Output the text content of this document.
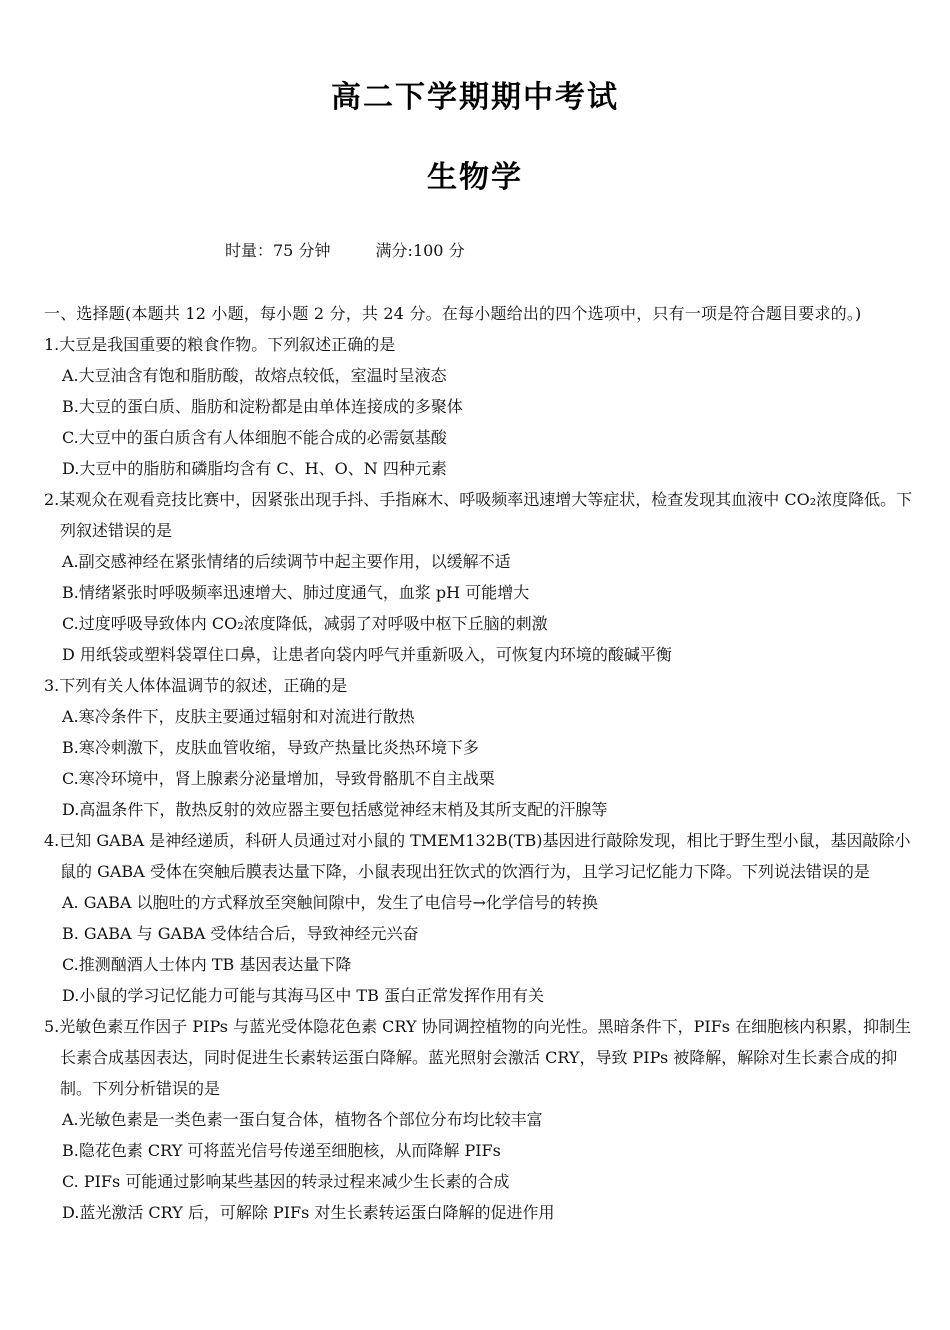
高二下学期期中考试
生物学
时量：75 分钟	满分:100 分
一、选择题(本题共 12 小题，每小题 2 分，共 24 分。在每小题给出的四个选项中，只有一项是符合题目要求的。)
1.大豆是我国重要的粮食作物。下列叙述正确的是
A.大豆油含有饱和脂肪酸，故熔点较低，室温时呈液态
B.大豆的蛋白质、脂肪和淀粉都是由单体连接成的多聚体
C.大豆中的蛋白质含有人体细胞不能合成的必需氨基酸
D.大豆中的脂肪和磷脂均含有 C、H、O、N 四种元素
2.某观众在观看竞技比赛中，因紧张出现手抖、手指麻木、呼吸频率迅速增大等症状，检查发现其血液中 CO₂浓度降低。下列叙述错误的是
A.副交感神经在紧张情绪的后续调节中起主要作用，以缓解不适
B.情绪紧张时呼吸频率迅速增大、肺过度通气，血浆 pH 可能增大
C.过度呼吸导致体内 CO₂浓度降低，减弱了对呼吸中枢下丘脑的刺激
D 用纸袋或塑料袋罩住口鼻，让患者向袋内呼气并重新吸入，可恢复内环境的酸碱平衡
3.下列有关人体体温调节的叙述，正确的是
A.寒冷条件下，皮肤主要通过辐射和对流进行散热
B.寒冷刺激下，皮肤血管收缩，导致产热量比炎热环境下多
C.寒冷环境中，肾上腺素分泌量增加，导致骨骼肌不自主战栗
D.高温条件下，散热反射的效应器主要包括感觉神经末梢及其所支配的汗腺等
4.已知 GABA 是神经递质，科研人员通过对小鼠的 TMEM132B(TB)基因进行敲除发现，相比于野生型小鼠，基因敲除小鼠的 GABA 受体在突触后膜表达量下降，小鼠表现出狂饮式的饮酒行为，且学习记忆能力下降。下列说法错误的是
A. GABA 以胞吐的方式释放至突触间隙中，发生了电信号→化学信号的转换
B. GABA 与 GABA 受体结合后，导致神经元兴奋
C.推测酗酒人士体内 TB 基因表达量下降
D.小鼠的学习记忆能力可能与其海马区中 TB 蛋白正常发挥作用有关
5.光敏色素互作因子 PIPs 与蓝光受体隐花色素 CRY 协同调控植物的向光性。黑暗条件下，PIFs 在细胞核内积累，抑制生长素合成基因表达，同时促进生长素转运蛋白降解。蓝光照射会激活 CRY，导致 PIPs 被降解，解除对生长素合成的抑制。下列分析错误的是
A.光敏色素是一类色素一蛋白复合体，植物各个部位分布均比较丰富
B.隐花色素 CRY 可将蓝光信号传递至细胞核，从而降解 PIFs
C. PIFs 可能通过影响某些基因的转录过程来减少生长素的合成
D.蓝光激活 CRY 后，可解除 PIFs 对生长素转运蛋白降解的促进作用
